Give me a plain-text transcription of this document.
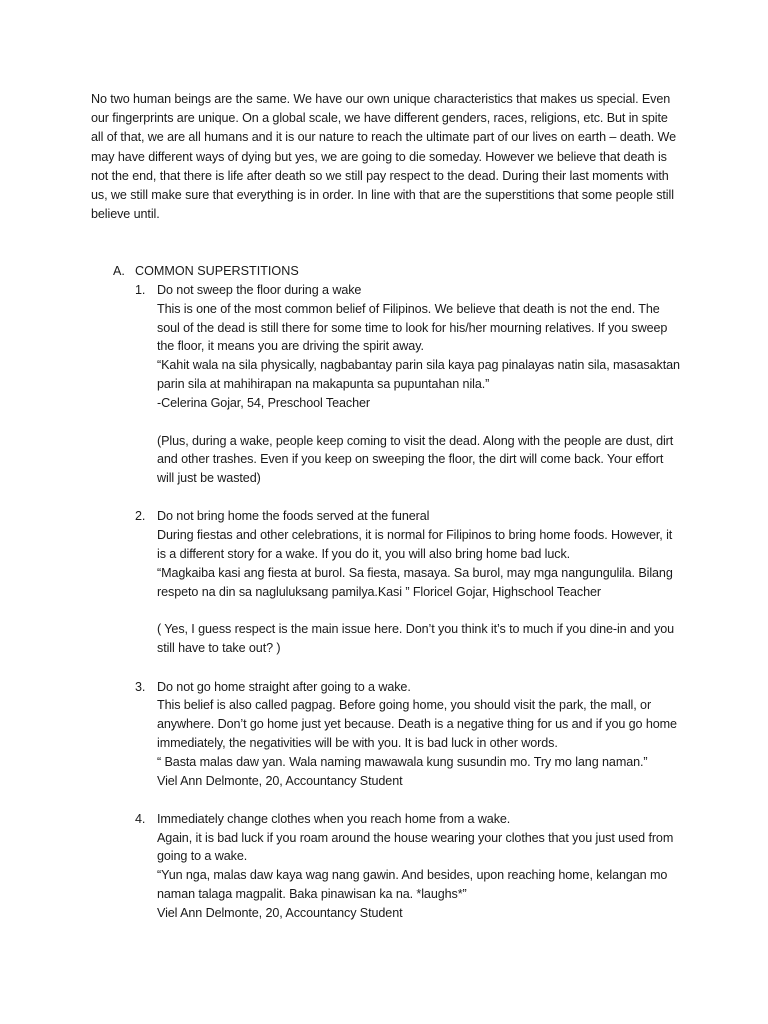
No two human beings are the same. We have our own unique characteristics that makes us special. Even our fingerprints are unique. On a global scale, we have different genders, races, religions, etc. But in spite all of that, we are all humans and it is our nature to reach the ultimate part of our lives on earth – death. We may have different ways of dying but yes, we are going to die someday. However we believe that death is not the end, that there is life after death so we still pay respect to the dead. During their last moments with us, we still make sure that everything is in order. In line with that are the superstitions that some people still believe until.

A. COMMON SUPERSTITIONS
1. Do not sweep the floor during a wake

This is one of the most common belief of Filipinos. We believe that death is not the end. The soul of the dead is still there for some time to look for his/her mourning relatives. If you sweep the floor, it means you are driving the spirit away.

“Kahit wala na sila physically, nagbabantay parin sila kaya pag pinalayas natin sila, masasaktan parin sila at mahihirapan na makapunta sa pupuntahan nila.”

-Celerina Gojar, 54, Preschool Teacher

(Plus, during a wake, people keep coming to visit the dead. Along with the people are dust, dirt and other trashes. Even if you keep on sweeping the floor, the dirt will come back. Your effort will just be wasted)

2. Do not bring home the foods served at the funeral

During fiestas and other celebrations, it is normal for Filipinos to bring home foods. However, it is a different story for a wake. If you do it, you will also bring home bad luck.

“Magkaiba kasi ang fiesta at burol. Sa fiesta, masaya. Sa burol, may mga nangungulila. Bilang respeto na din sa nagluluksang pamilya.Kasi ” Floricel Gojar, Highschool Teacher

( Yes, I guess respect is the main issue here. Don’t you think it’s to much if you dine-in and you still have to take out? )

3. Do not go home straight after going to a wake.

This belief is also called pagpag. Before going home, you should visit the park, the mall, or anywhere. Don’t go home just yet because. Death is a negative thing for us and if you go home immediately, the negativities will be with you. It is bad luck in other words.

“ Basta malas daw yan. Wala naming mawawala kung susundin mo. Try mo lang naman.”

Viel Ann Delmonte, 20, Accountancy Student

4. Immediately change clothes when you reach home from a wake.

Again, it is bad luck if you roam around the house wearing your clothes that you just used from going to a wake.

“Yun nga, malas daw kaya wag nang gawin. And besides, upon reaching home, kelangan mo naman talaga magpalit. Baka pinawisan ka na. *laughs*”

Viel Ann Delmonte, 20, Accountancy Student
